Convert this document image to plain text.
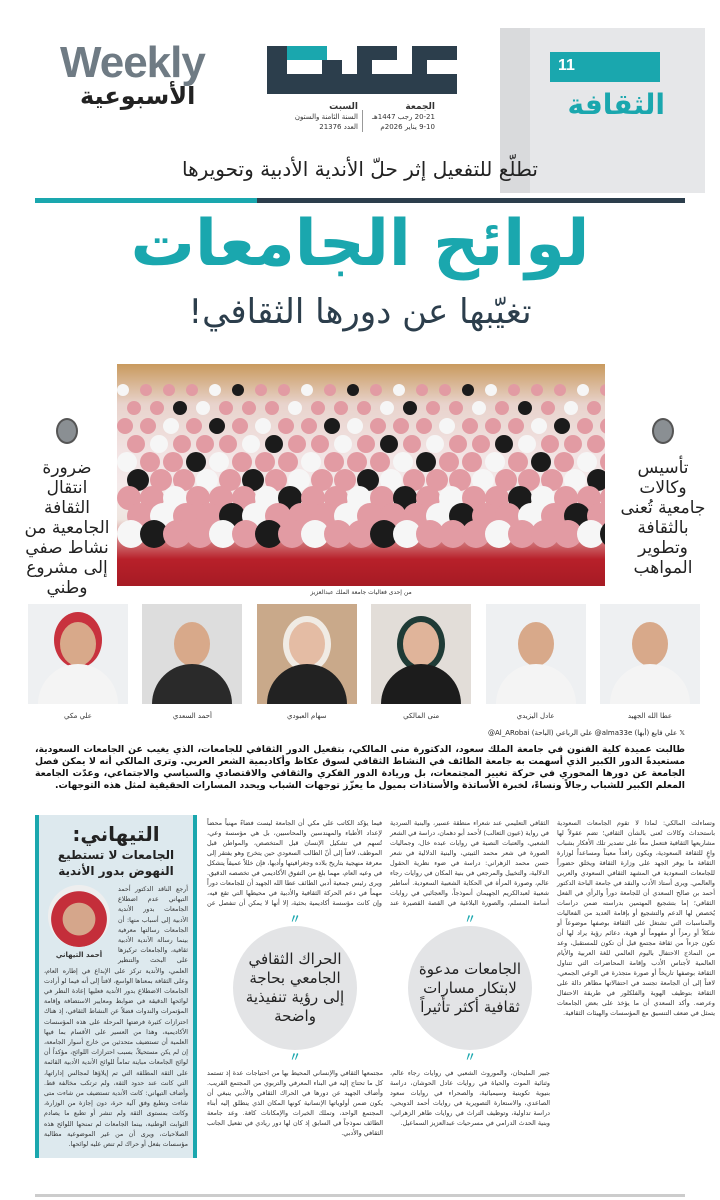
11
الثقافة
Weekly
الأسبوعية	الجمعة
20-21 رجب 1447هـ
9-10 يناير 2026م
السبت
السنة الثامنة والستون
العدد 21376
تطلّع للتفعيل إثر حلّ الأندية الأدبية وتحويرها
لوائح الجامعات
تغيّبها عن دورها الثقافي!
ضرورة انتقال الثقافة الجامعية من نشاط صفي إلى مشروع وطني
تأسيس وكالات جامعية تُعنى بالثقافة وتطوير المواهب
من إحدى فعاليات جامعة الملك عبدالعزيز
عطا الله الجهيد
عادل اليزيدي
منى المالكي
سهام العبودي
أحمد السعدي
علي مكي
𝕏 علي فايع (أبها) alma33e@ علي الرباعي (الباحة) Al_ARobai@
طالبت عميدة كلية الفنون في جامعة الملك سعود، الدكتورة منى المالكي، بتفعيل الدور الثقافي للجامعات، الذي يغيب عن الجامعات السعودية، مستعيدةً الدور الكبير الذي أسهمت به جامعة الطائف في النشاط الثقافي لسوق عكاظ وأكاديمية الشعر العربي. وترى المالكي أنه لا يمكن فصل الجامعة عن دورها المحوري في حركة تغيير المجتمعات، بل وريادة الدور الفكري والثقافي والاقتصادي والسياسي والاجتماعي، وعدّت الجامعة المعلم الكبير للشباب رجالاً ونساءً، لخبرة الأساتذة والأستاذات بميول ما يعزّز توجهات الشباب ويحدد المسارات الحقيقية لمثل هذه التوجهات.
وتساءلت المالكي: لماذا لا تقوم الجامعات السعودية باستحداث وكالات تُعنى بالشأن الثقافي؛ تضم عقولاً لها مشاريعها الثقافية فتعمل معاً على تصدير تلك الأفكار بشباب واعٍ للثقافة السعودية، ويكون رافداً معيناً ومساعداً لوزارة الثقافة ما يوفر الجهد على وزارة الثقافة ويخلق حضوراً للجامعات السعودية في المشهد الثقافي السعودي والعربي والعالمي. ويرى أستاذ الأدب والنقد في جامعة الباحة الدكتور أحمد بن صالح السعدي أن للجامعة دوراً والرأي في الفعل الثقافي؛ إما بتشجيع المهتمين بدراسته ضمن دراسات يُخصص لها الدعم والتشجيع أو بإقامة العديد من الفعاليات والمناسبات التي تشتغل على الثقافة بوصفها موضوعاً أو شكلاً أو رمزاً أو مفهوماً أو هوية، دعائم رؤية يراد لها أن تكون جزءاً من ثقافة مجتمع قبل أن تكون للمستقبل، وعد من النماذج الاحتفال باليوم العالمي للغة العربية والأيام العالمية لأجناس الأدب وإقامة المحاضرات التي تتناول الثقافة بوصفها تاريخاً أو صورة متجذرة في الوعي الجمعي، لافتاً إلى أن الجامعة تجسد في احتفالاتها مظاهر دالة على الثقافة بتوظيف الهوية والفلكلور في طريقة الاحتفال وعرضه. وأكد السعدي أن ما يؤخذ على بعض الجامعات يتمثل في ضعف التنسيق مع المؤسسات والهيئات الثقافية.
〃
الجامعات مدعوة لابتكار مسارات ثقافية أكثر تأثيراً
〃
الثقافي التعليمي عند شعراء منطقة عسير، والبنية السردية في رواية (عيون الثعالب) لأحمد أبو دهمان، دراسة في الشعر الشعبي، والعتبات النصية في روايات عبده خال، وجماليات الصورة في شعر محمد الثبيتي، والبنية الدلالية في شعر حسن محمد الزهراني: دراسة في ضوء نظرية الحقول الدلالية، والتخييل والمرجعي في بنية المكان في روايات رجاء عالم، وصورة المرأة في الحكاية الشعبية السعودية. أساطير شعبية لعبدالكريم الجهيمان أنموذجاً، والعجائبي في روايات أسامة المسلم، والصورة البلاغية في القصة القصيرة عند جبير المليحان، والموروث الشعبي في روايات رجاء عالم، وثنائية الموت والحياة في روايات عادل الحوشان، دراسة بنيوية تكوينية وسيميائية، والصحراء في روايات سعود الصاعدي، والاستعارة التصويرية في روايات أحمد الدويحي، دراسة تداولية، وتوظيف التراث في روايات طاهر الزهراني، وبنية الحدث الدرامي في مسرحيات عبدالعزيز السماعيل.
〃
الحراك الثقافي الجامعي بحاجة إلى رؤية تنفيذية واضحة
〃
فيما يؤكد الكاتب علي مكي أن الجامعة ليست فضاءً مهنياً محضاً لإعداد الأطباء والمهندسين والمحاسبين، بل هي مؤسسة وعي، تُسهم في تشكيل الإنسان قبل المتخصص، والمواطن قبل الموظف، لافتاً إلى أنّ الطالب السعودي حين يتخرج وهو يفتقر إلى معرفة منهجية بتاريخ بلاده وجغرافيتها وأدبها، فإن خللاً عميقاً يتشكل في وعيه العام، مهما بلغ من التفوق الأكاديمي في تخصصه الدقيق. ويرى رئيس جمعية أدبي الطائف عطا الله الجهيد أن للجامعات دوراً مهماً في دعم الحركة الثقافية والأدبية في محيطها التي تقع فيه، وإن كانت مؤسسة أكاديمية بحثية، إلا أنها لا يمكن أن تنفصل عن مجتمعها الثقافي والإنساني المحيط بها من احتياجات عدة إذ تستمد كل ما تحتاج إليه في البناء المعرفي والتربوي من المجتمع القريب. وأضاف الجهيد عن دورها في الحراك الثقافي والأدبي ينبغي أن يكون ضمن أولوياتها الإنسانية كونها المكان الذي ينطلق إليه أبناء المجتمع الواحد، وتملك الخبرات والإمكانات كافة. وعد جامعة الطائف نموذجاً في السابق إذ كان لها دور ريادي في تفعيل الجانب الثقافي والأدبي.
التيهاني:
الجامعات لا تستطيع النهوض بدور الأندية
أحمد التيهاني
أرجع الناقد الدكتور أحمد التيهاني عدم اضطلاع الجامعات بدور الأندية الأدبية إلى أسباب منها: أن الجامعات رسالتها معرفية بينما رسالة الأندية الأدبية ثقافية، والجامعات تركيزها على البحث والتنظير العلمي، والأندية تركز على الإبداع في إطاره العام، وعلى الثقافة بمعناها الواسع، لافتاً إلى أنه فيما لو أرادت الجامعات الاضطلاع بدور الأندية فعليها إعادة النظر في لوائحها الدقيقة في ضوابط ومعايير الاستضافة وإقامة المؤتمرات والندوات فضلاً عن النشاط الثقافي، إذ هناك احترازات كثيرة فرضتها المرحلة على هذه المؤسسات الأكاديمية، وهذا من العسير على الأقسام بما فيها العلمية أن تستضيف متحدثين من خارج أسوار الجامعة، إن لم يكن مستحيلاً، بسبب احترازات اللوائح، مؤكداً أن لوائح الجامعات مباينة تماماً للوائح الأندية الأدبية القائمة على الثقة المطلقة التي تم إيلاؤها لمجالس إداراتها، التي كانت عند حدود الثقة، ولم ترتكب مخالفة قط. وأضاف التيهاني: كانت الأندية تستضيف من شاءت متى شاءت وتطبع وفق آلية حرة، دون إجازة من الوزارة، وكانت بمستوى الثقة ولم تنشر أو تطبع ما يصادم الثوابت الوطنية، بينما الجامعات لم تمنحها اللوائح هذه الصلاحيات، ويرى أن من غير الموضوعية مطالبة مؤسسات بفعل أو حراك لم تنص عليه لوائحها.
